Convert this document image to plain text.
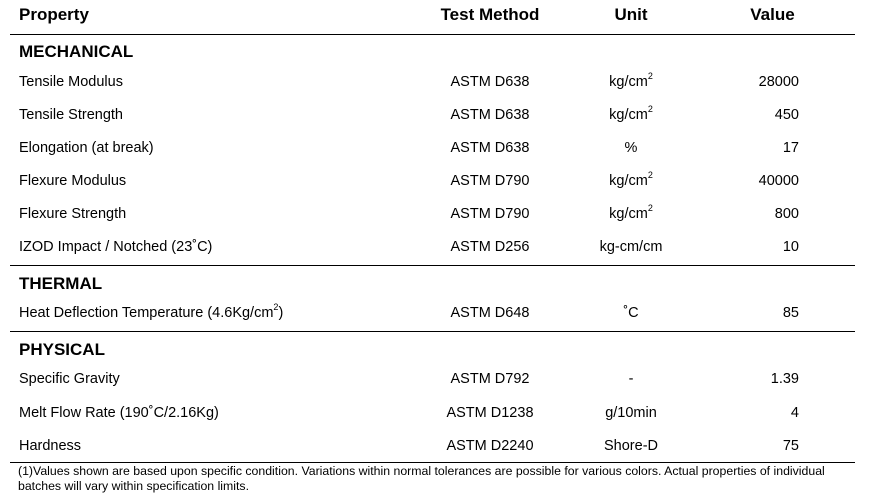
Property	Test Method	Unit	Value
MECHANICAL
Tensile Modulus	ASTM D638	$kg/cm^2$	28000
Tensile Strength	ASTM D638	$kg/cm^2$	450
Elongation (at break)	ASTM D638	%	17
Flexure Modulus	ASTM D790	$kg/cm^2$	40000
Flexure Strength	ASTM D790	$kg/cm^2$	800
IZOD Impact / Notched (23˚C)	ASTM D256	kg-cm/cm	10
THERMAL
Heat Deflection Temperature $(4.6Kg/cm^2)$	ASTM D648	˚C	85
PHYSICAL
Specific Gravity	ASTM D792	-	1.39
Melt Flow Rate (190˚C/2.16Kg)	ASTM D1238	g/10min	4
Hardness	ASTM D2240	Shore-D	75
(1)Values shown are based upon specific condition. Variations within normal tolerances are possible for various colors. Actual properties of individual batches will vary within specification limits.
